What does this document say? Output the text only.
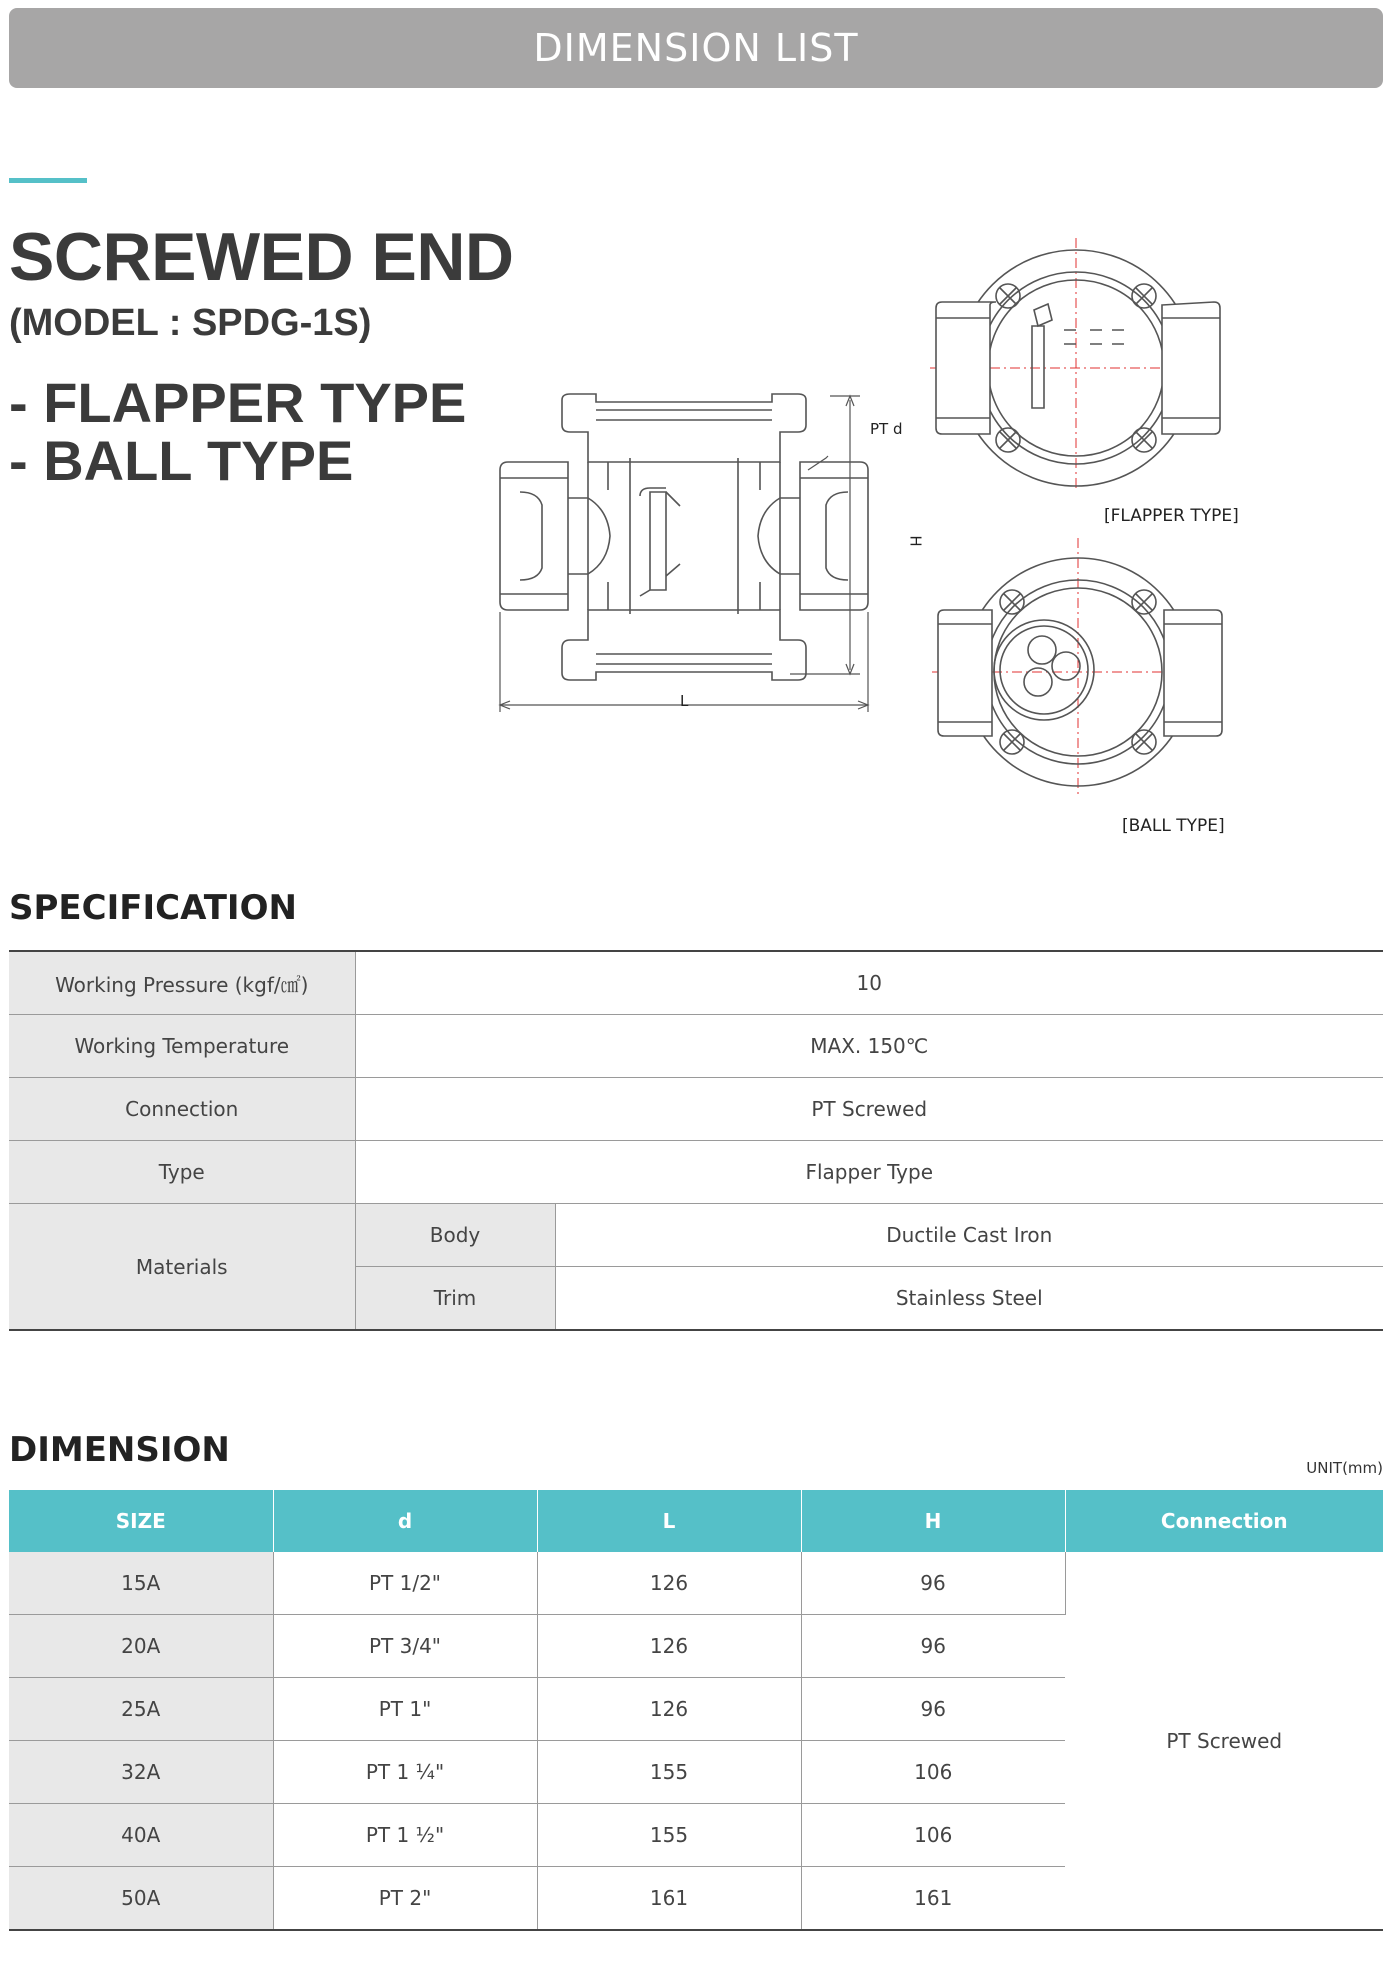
DIMENSION LIST
SCREWED END
(MODEL : SPDG-1S)
- FLAPPER TYPE
- BALL TYPE	PT d
H
L
[FLAPPER TYPE]
[BALL TYPE]
SPECIFICATION
Working Pressure (kgf/㎠)	10	
Working Temperature	MAX. 150℃	
Connection	PT Screwed	
Type	Flapper Type	
Materials	Body	Ductile Cast Iron
	Trim	Stainless Steel
DIMENSION	UNIT(mm)
SIZE	d	L	H	Connection
15A	PT 1/2"	126	96	PT Screwed
20A	PT 3/4"	126	96	
25A	PT 1"	126	96	
32A	PT 1 ¼"	155	106	
40A	PT 1 ½"	155	106	
50A	PT 2"	161	161	
